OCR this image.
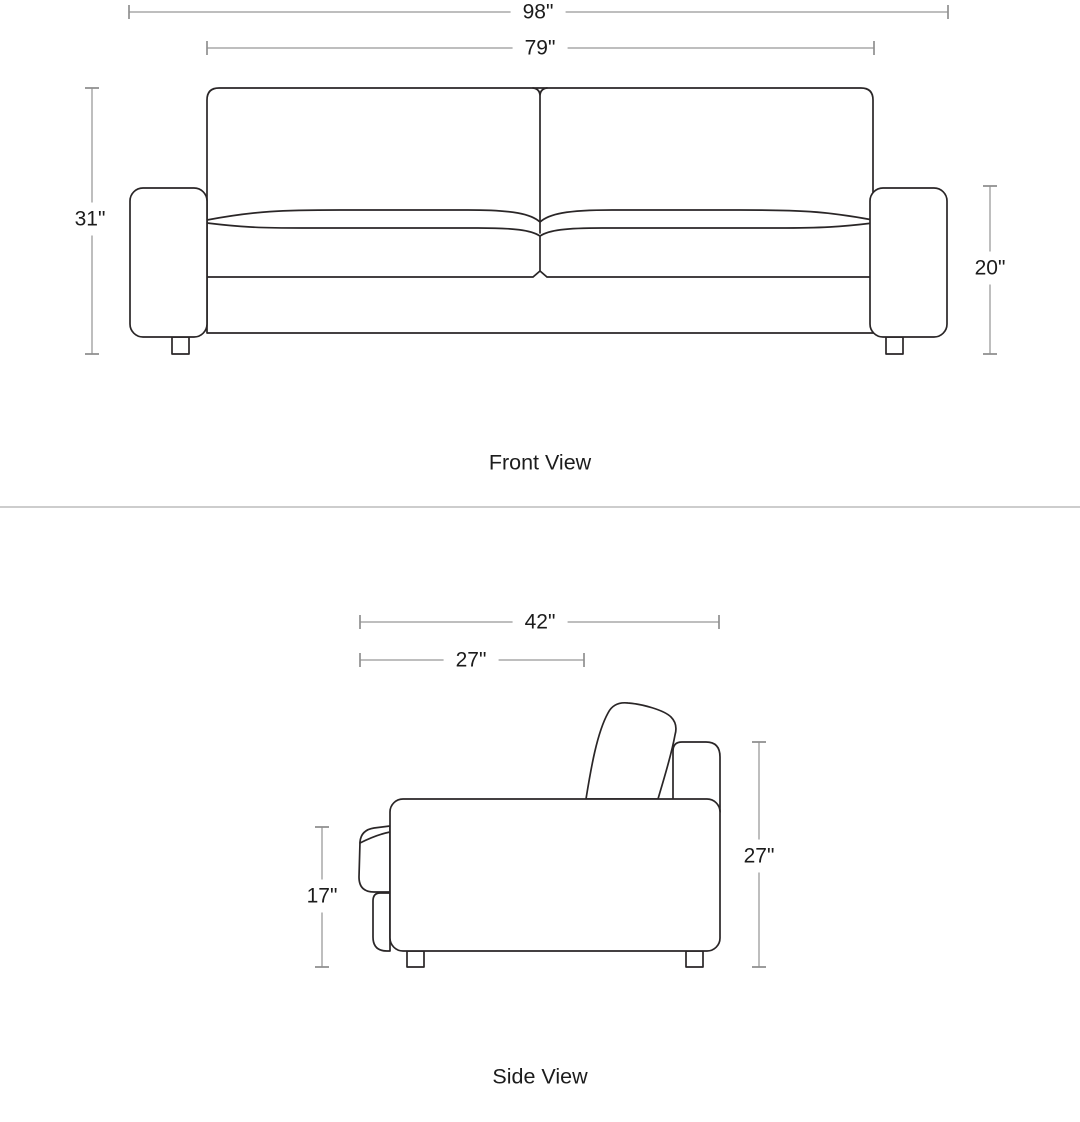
98"
79"
31"
20"
Front View
42"
27"
17"
27"
Side View
